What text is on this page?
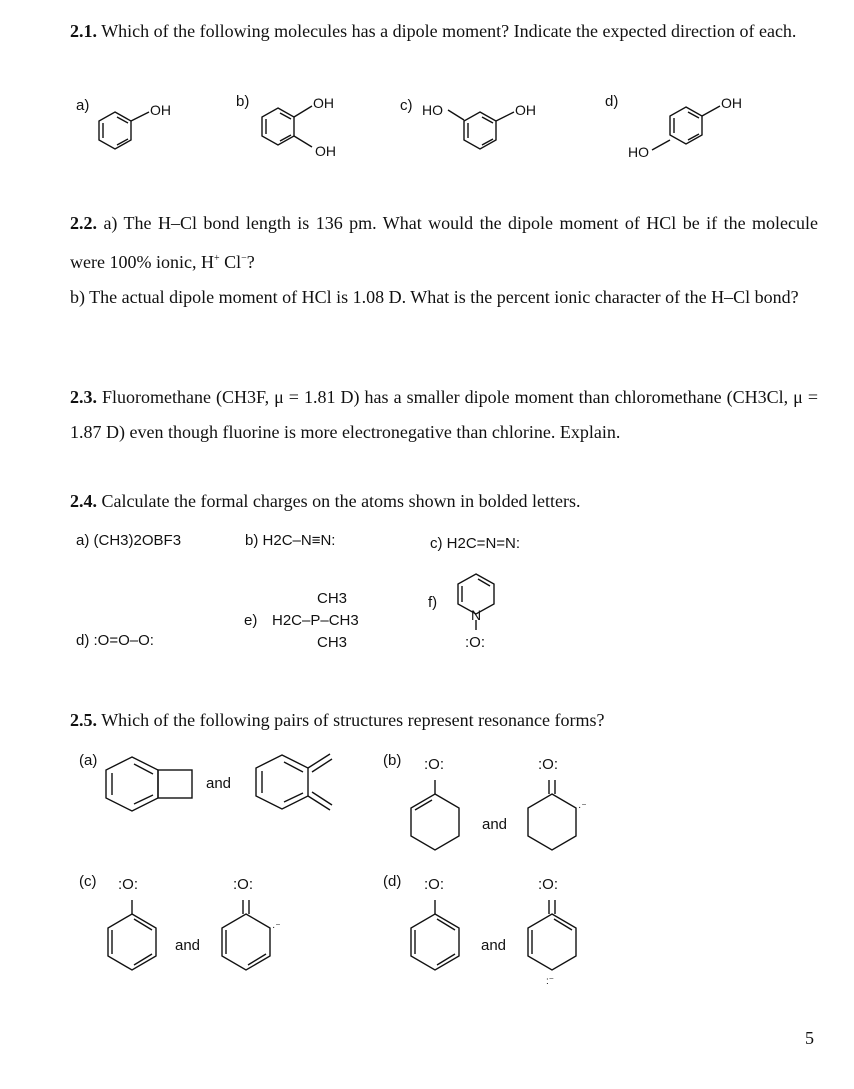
2.1. Which of the following molecules has a dipole moment? Indicate the expected direction of each.
a)	b)	c)	d)
OH	OH
OH
HO	OH
HO
OH
2.2. a) The H–Cl bond length is 136 pm. What would the dipole moment of HCl be if the molecule were 100% ionic, H+ Cl−?
b) The actual dipole moment of HCl is 1.08 D. What is the percent ionic character of the H–Cl bond?
2.3. Fluoromethane (CH3F, μ = 1.81 D) has a smaller dipole moment than chloromethane (CH3Cl, μ = 1.87 D) even though fluorine is more electronegative than chlorine. Explain.
2.4. Calculate the formal charges on the atoms shown in bolded letters.
a) (CH3)2OBF3	b) H2C–N≡N:	c) H2C=N=N:
d) :O=O–O:
e)
CH3
H2C–P–CH3
CH3
f)
N
:O:
2.5. Which of the following pairs of structures represent resonance forms?
(a)	(b)
(c)	(d)
and
:O:
and
:O:
·⁻
:O:
and
:O:
·⁻
:O:
and
:O:
:⁻
5
